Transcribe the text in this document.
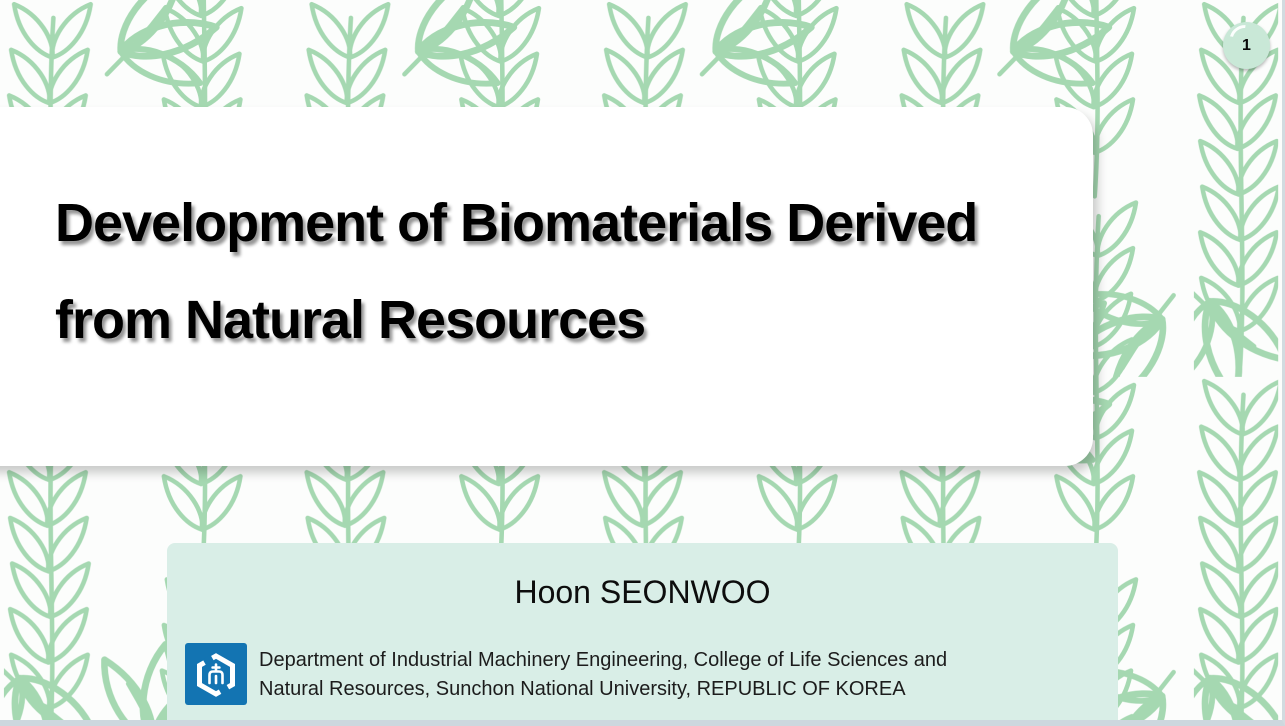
Development of Biomaterials Derived
from Natural Resources
Hoon SEONWOO
Department of Industrial Machinery Engineering, College of Life Sciences and
Natural Resources, Sunchon National University, REPUBLIC OF KOREA
1
